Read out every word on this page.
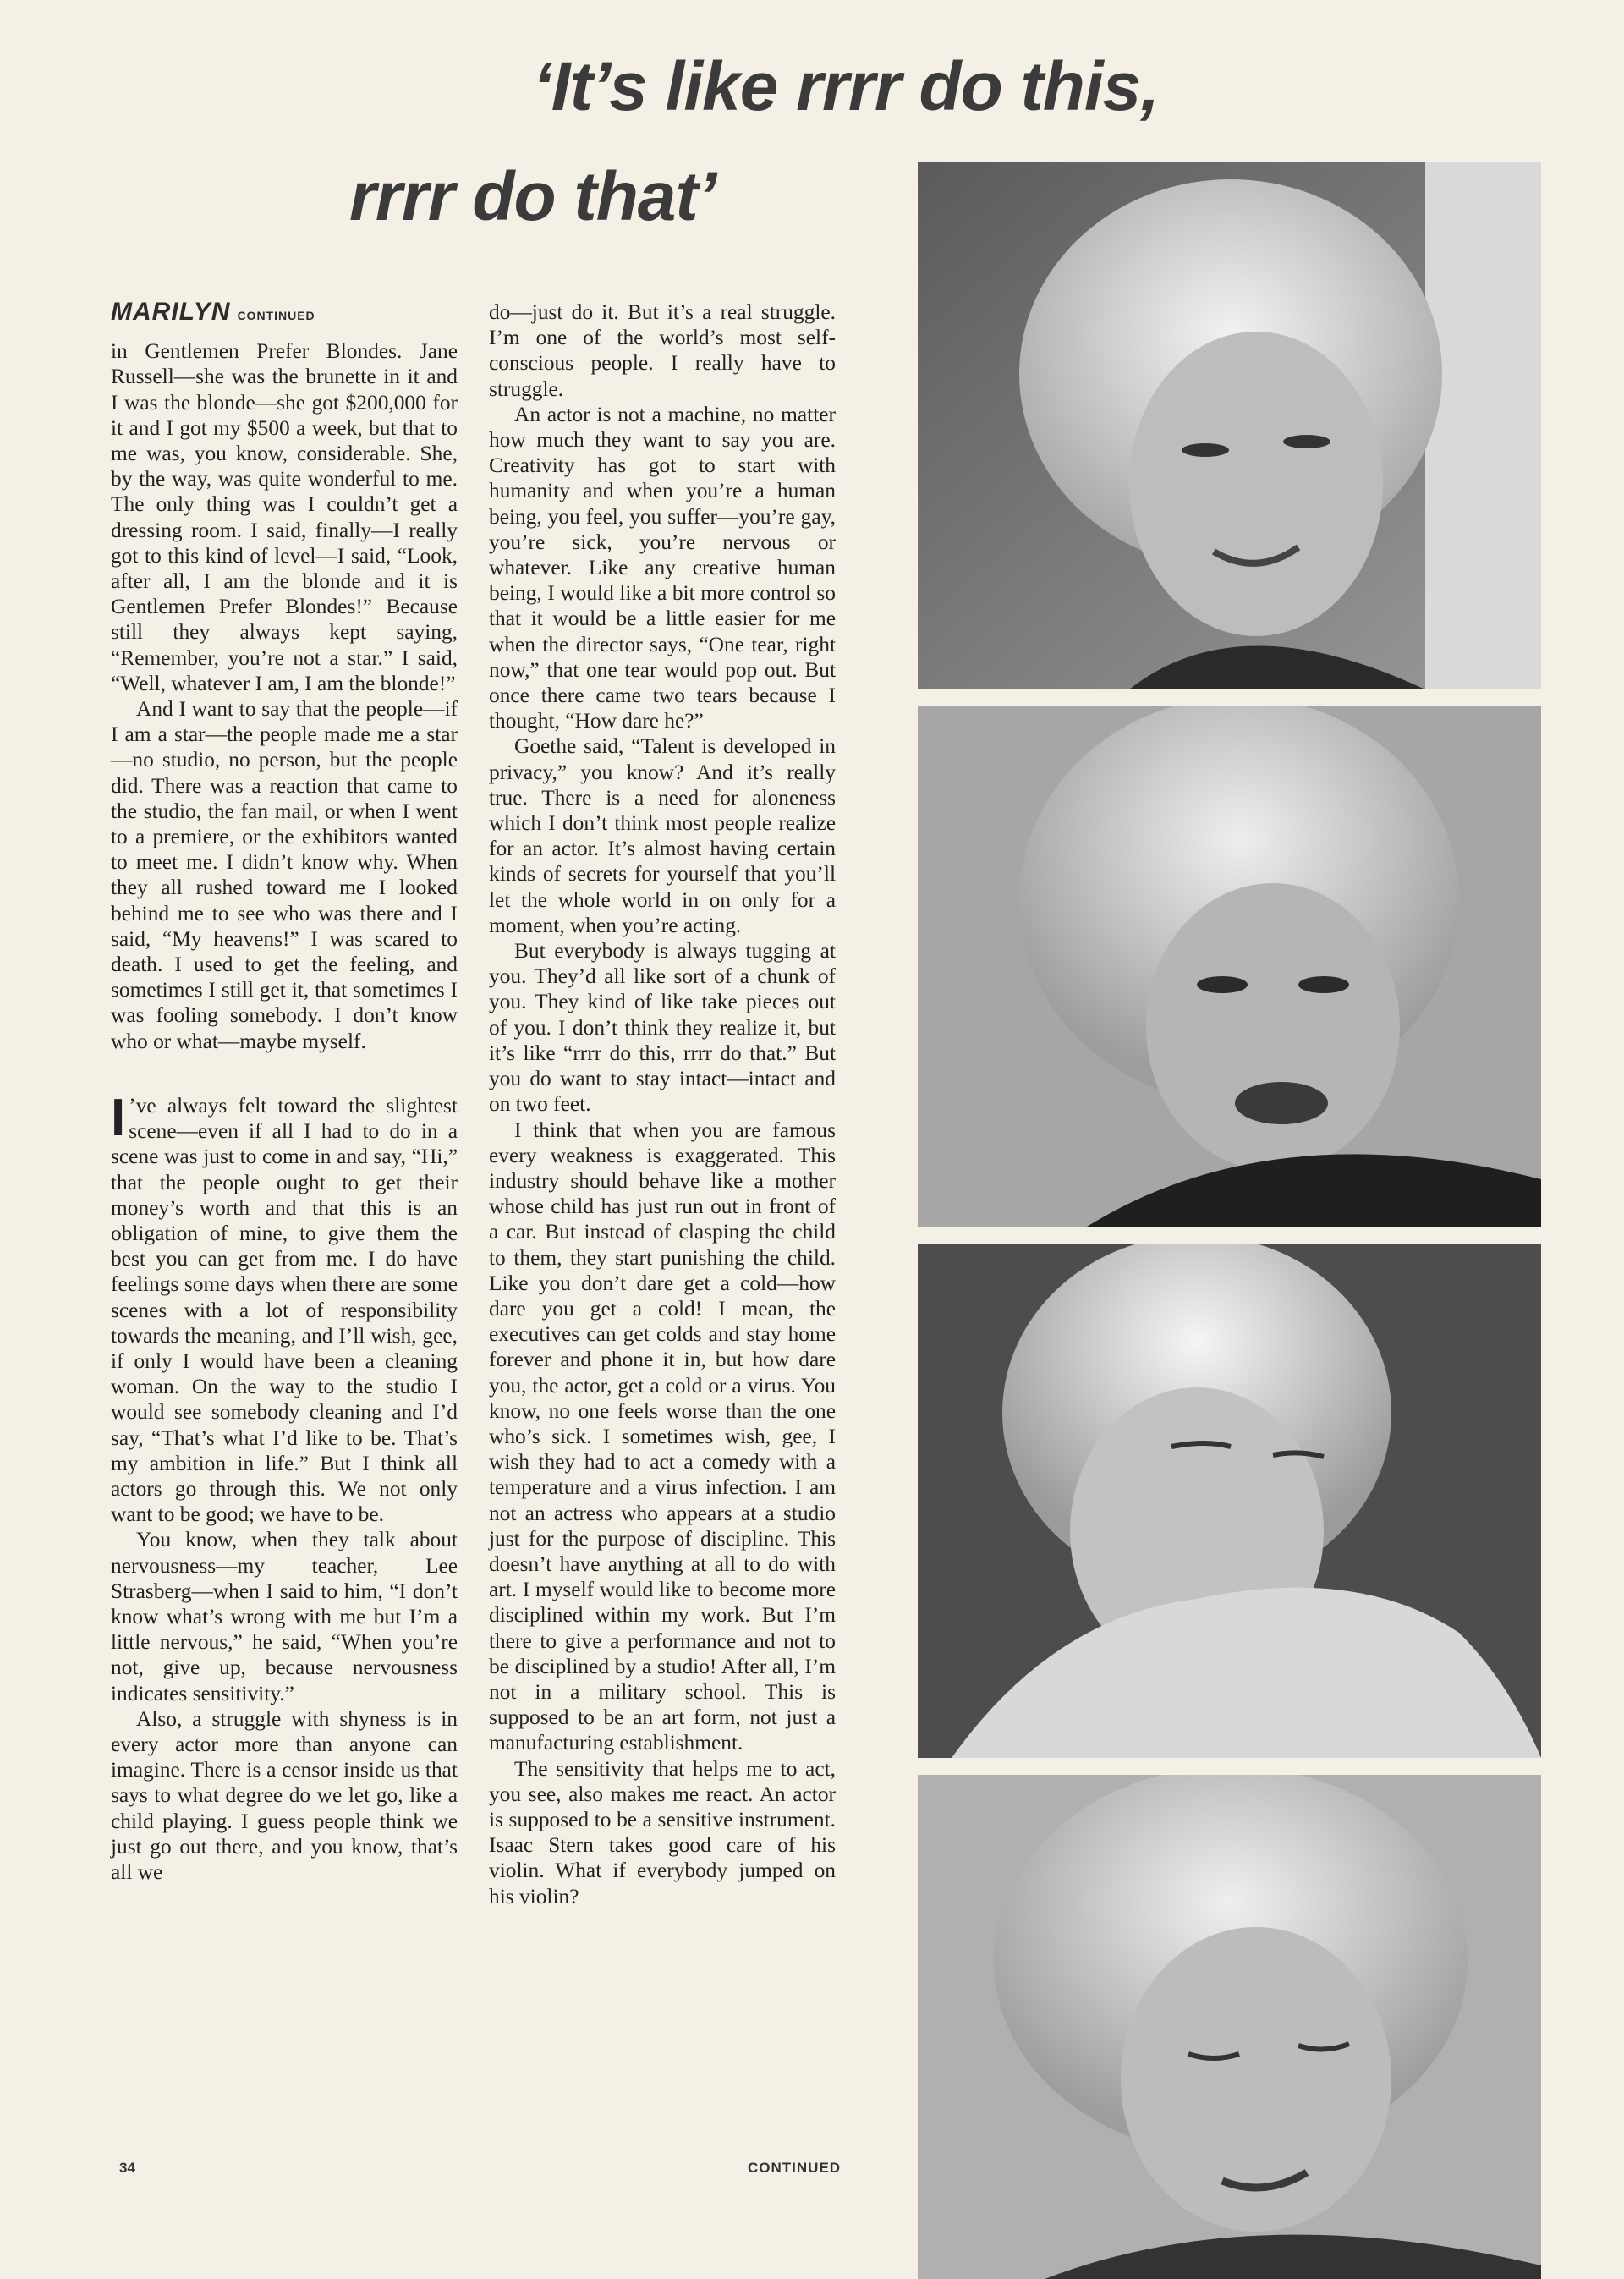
‘It’s like rrrr do this,
rrrr do that’
MARILYN CONTINUED

in Gentlemen Prefer Blondes. Jane Russell—she was the brunette in it and I was the blonde—she got $200,000 for it and I got my $500 a week, but that to me was, you know, considerable. She, by the way, was quite wonderful to me. The only thing was I couldn’t get a dressing room. I said, finally—I really got to this kind of level—I said, “Look, after all, I am the blonde and it is Gentlemen Prefer Blondes!” Because still they always kept saying, “Remember, you’re not a star.” I said, “Well, whatever I am, I am the blonde!”

And I want to say that the people—if I am a star—the people made me a star—no studio, no person, but the people did. There was a reaction that came to the studio, the fan mail, or when I went to a premiere, or the exhibitors wanted to meet me. I didn’t know why. When they all rushed toward me I looked behind me to see who was there and I said, “My heavens!” I was scared to death. I used to get the feeling, and sometimes I still get it, that sometimes I was fooling somebody. I don’t know who or what—maybe myself.

I ’ve always felt toward the slightest scene—even if all I had to do in a scene was just to come in and say, “Hi,” that the people ought to get their money’s worth and that this is an obligation of mine, to give them the best you can get from me. I do have feelings some days when there are some scenes with a lot of responsibility towards the meaning, and I’ll wish, gee, if only I would have been a cleaning woman. On the way to the studio I would see somebody cleaning and I’d say, “That’s what I’d like to be. That’s my ambition in life.” But I think all actors go through this. We not only want to be good; we have to be.

You know, when they talk about nervousness—my teacher, Lee Strasberg—when I said to him, “I don’t know what’s wrong with me but I’m a little nervous,” he said, “When you’re not, give up, because nervousness indicates sensitivity.”

Also, a struggle with shyness is in every actor more than anyone can imagine. There is a censor inside us that says to what degree do we let go, like a child playing. I guess people think we just go out there, and you know, that’s all we

do—just do it. But it’s a real struggle. I’m one of the world’s most self-conscious people. I really have to struggle.

An actor is not a machine, no matter how much they want to say you are. Creativity has got to start with humanity and when you’re a human being, you feel, you suffer—you’re gay, you’re sick, you’re nervous or whatever. Like any creative human being, I would like a bit more control so that it would be a little easier for me when the director says, “One tear, right now,” that one tear would pop out. But once there came two tears because I thought, “How dare he?”

Goethe said, “Talent is developed in privacy,” you know? And it’s really true. There is a need for aloneness which I don’t think most people realize for an actor. It’s almost having certain kinds of secrets for yourself that you’ll let the whole world in on only for a moment, when you’re acting.

But everybody is always tugging at you. They’d all like sort of a chunk of you. They kind of like take pieces out of you. I don’t think they realize it, but it’s like “rrrr do this, rrrr do that.” But you do want to stay intact—intact and on two feet.

I think that when you are famous every weakness is exaggerated. This industry should behave like a mother whose child has just run out in front of a car. But instead of clasping the child to them, they start punishing the child. Like you don’t dare get a cold—how dare you get a cold! I mean, the executives can get colds and stay home forever and phone it in, but how dare you, the actor, get a cold or a virus. You know, no one feels worse than the one who’s sick. I sometimes wish, gee, I wish they had to act a comedy with a temperature and a virus infection. I am not an actress who appears at a studio just for the purpose of discipline. This doesn’t have anything at all to do with art. I myself would like to become more disciplined within my work. But I’m there to give a performance and not to be disciplined by a studio! After all, I’m not in a military school. This is supposed to be an art form, not just a manufacturing establishment.

The sensitivity that helps me to act, you see, also makes me react. An actor is supposed to be a sensitive instrument. Isaac Stern takes good care of his violin. What if everybody jumped on his violin?

34	CONTINUED
